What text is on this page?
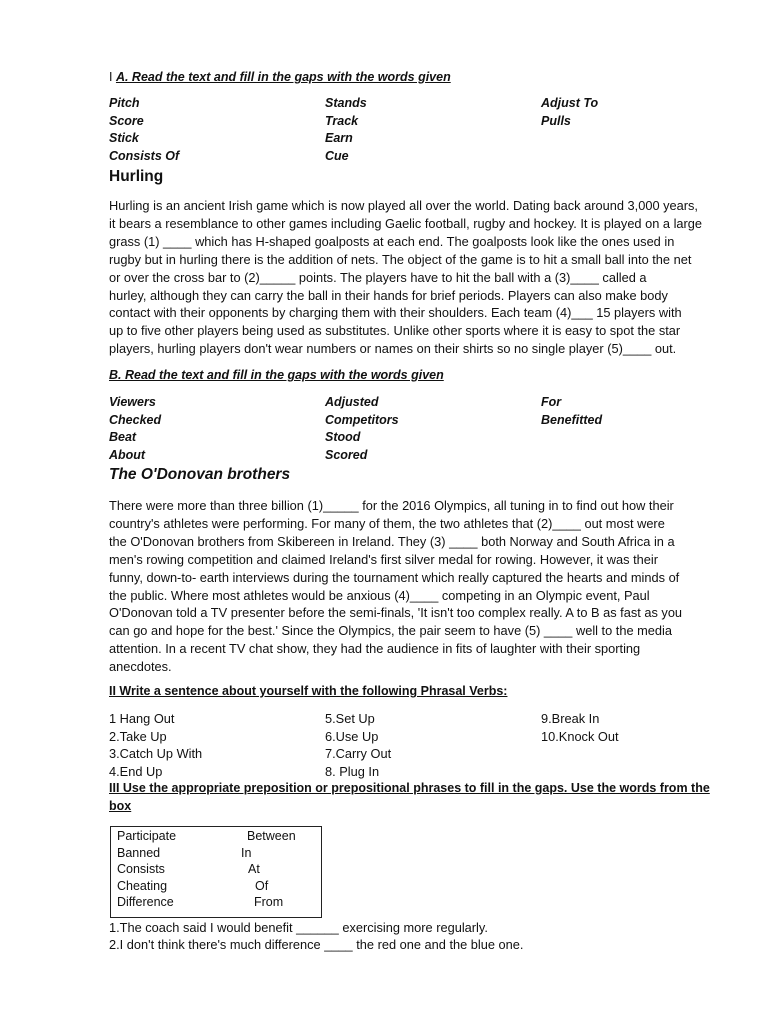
I A. Read the text and fill in the gaps with the words given
Pitch	Stands	Adjust To
Score	Track	Pulls
Stick	Earn

Consists Of	Cue

Hurling
Hurling is an ancient Irish game which is now played all over the world. Dating back around 3,000 years,
it bears a resemblance to other games including Gaelic football, rugby and hockey. It is played on a large
grass (1) ____ which has H-shaped goalposts at each end. The goalposts look like the ones used in
rugby but in hurling there is the addition of nets. The object of the game is to hit a small ball into the net
or over the cross bar to (2)_____ points. The players have to hit the ball with a (3)____ called a
hurley, although they can carry the ball in their hands for brief periods. Players can also make body
contact with their opponents by charging them with their shoulders. Each team (4)___ 15 players with
up to five other players being used as substitutes. Unlike other sports where it is easy to spot the star
players, hurling players don't wear numbers or names on their shirts so no single player (5)____ out.
B. Read the text and fill in the gaps with the words given
Viewers	Adjusted	For
Checked	Competitors	Benefitted
Beat	Stood

About	Scored

The O'Donovan brothers
There were more than three billion (1)_____ for the 2016 Olympics, all tuning in to find out how their
country's athletes were performing. For many of them, the two athletes that (2)____ out most were
the O'Donovan brothers from Skibereen in Ireland. They (3) ____ both Norway and South Africa in a
men's rowing competition and claimed Ireland's first silver medal for rowing. However, it was their
funny, down-to- earth interviews during the tournament which really captured the hearts and minds of
the public. Where most athletes would be anxious (4)____ competing in an Olympic event, Paul
O'Donovan told a TV presenter before the semi-finals, 'It isn't too complex really. A to B as fast as you
can go and hope for the best.' Since the Olympics, the pair seem to have (5) ____ well to the media
attention. In a recent TV chat show, they had the audience in fits of laughter with their sporting
anecdotes.
II Write a sentence about yourself with the following Phrasal Verbs:
1 Hang Out	5.Set Up	9.Break In
2.Take Up	6.Use Up	10.Knock Out
3.Catch Up With	7.Carry Out

4.End Up	8. Plug In

III Use the appropriate preposition or prepositional phrases to fill in the gaps. Use the words from the
box
Participate	Between
Banned	In
Consists	At
Cheating	Of
Difference	From
1.The coach said I would benefit ______ exercising more regularly.
2.I don't think there's much difference ____ the red one and the blue one.
